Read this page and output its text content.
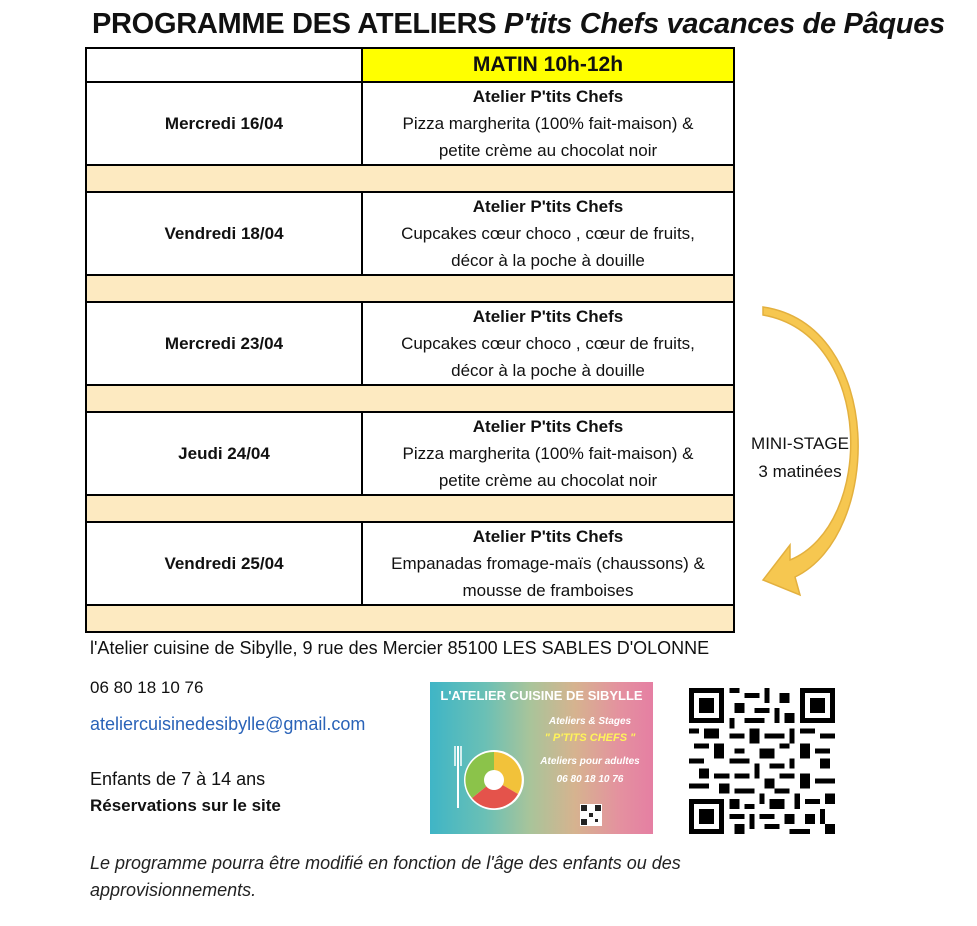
PROGRAMME DES ATELIERS P'tits Chefs vacances de Pâques
	MATIN 10h-12h
Mercredi 16/04	Atelier P'tits Chefs
Pizza margherita (100% fait-maison) &
petite crème au chocolat noir

Vendredi 18/04	Atelier P'tits Chefs
Cupcakes cœur choco , cœur de fruits,
décor à la poche à douille

Mercredi 23/04	Atelier P'tits Chefs
Cupcakes cœur choco , cœur de fruits,
décor à la poche à douille

Jeudi 24/04	Atelier P'tits Chefs
Pizza margherita (100% fait-maison) &
petite crème au chocolat noir

Vendredi 25/04	Atelier P'tits Chefs
Empanadas fromage-maïs (chaussons) &
mousse de framboises

MINI-STAGE
3 matinées
l'Atelier cuisine de Sibylle, 9 rue des Mercier 85100 LES SABLES D'OLONNE
06 80 18 10 76
ateliercuisinedesibylle@gmail.com
Enfants de 7 à 14 ans
Réservations sur le site
Le programme pourra être modifié en fonction de l'âge des enfants ou des
approvisionnements.
L'ATELIER CUISINE DE SIBYLLE
Ateliers & Stages
" P'TITS CHEFS "
Ateliers pour adultes
06 80 18 10 76
